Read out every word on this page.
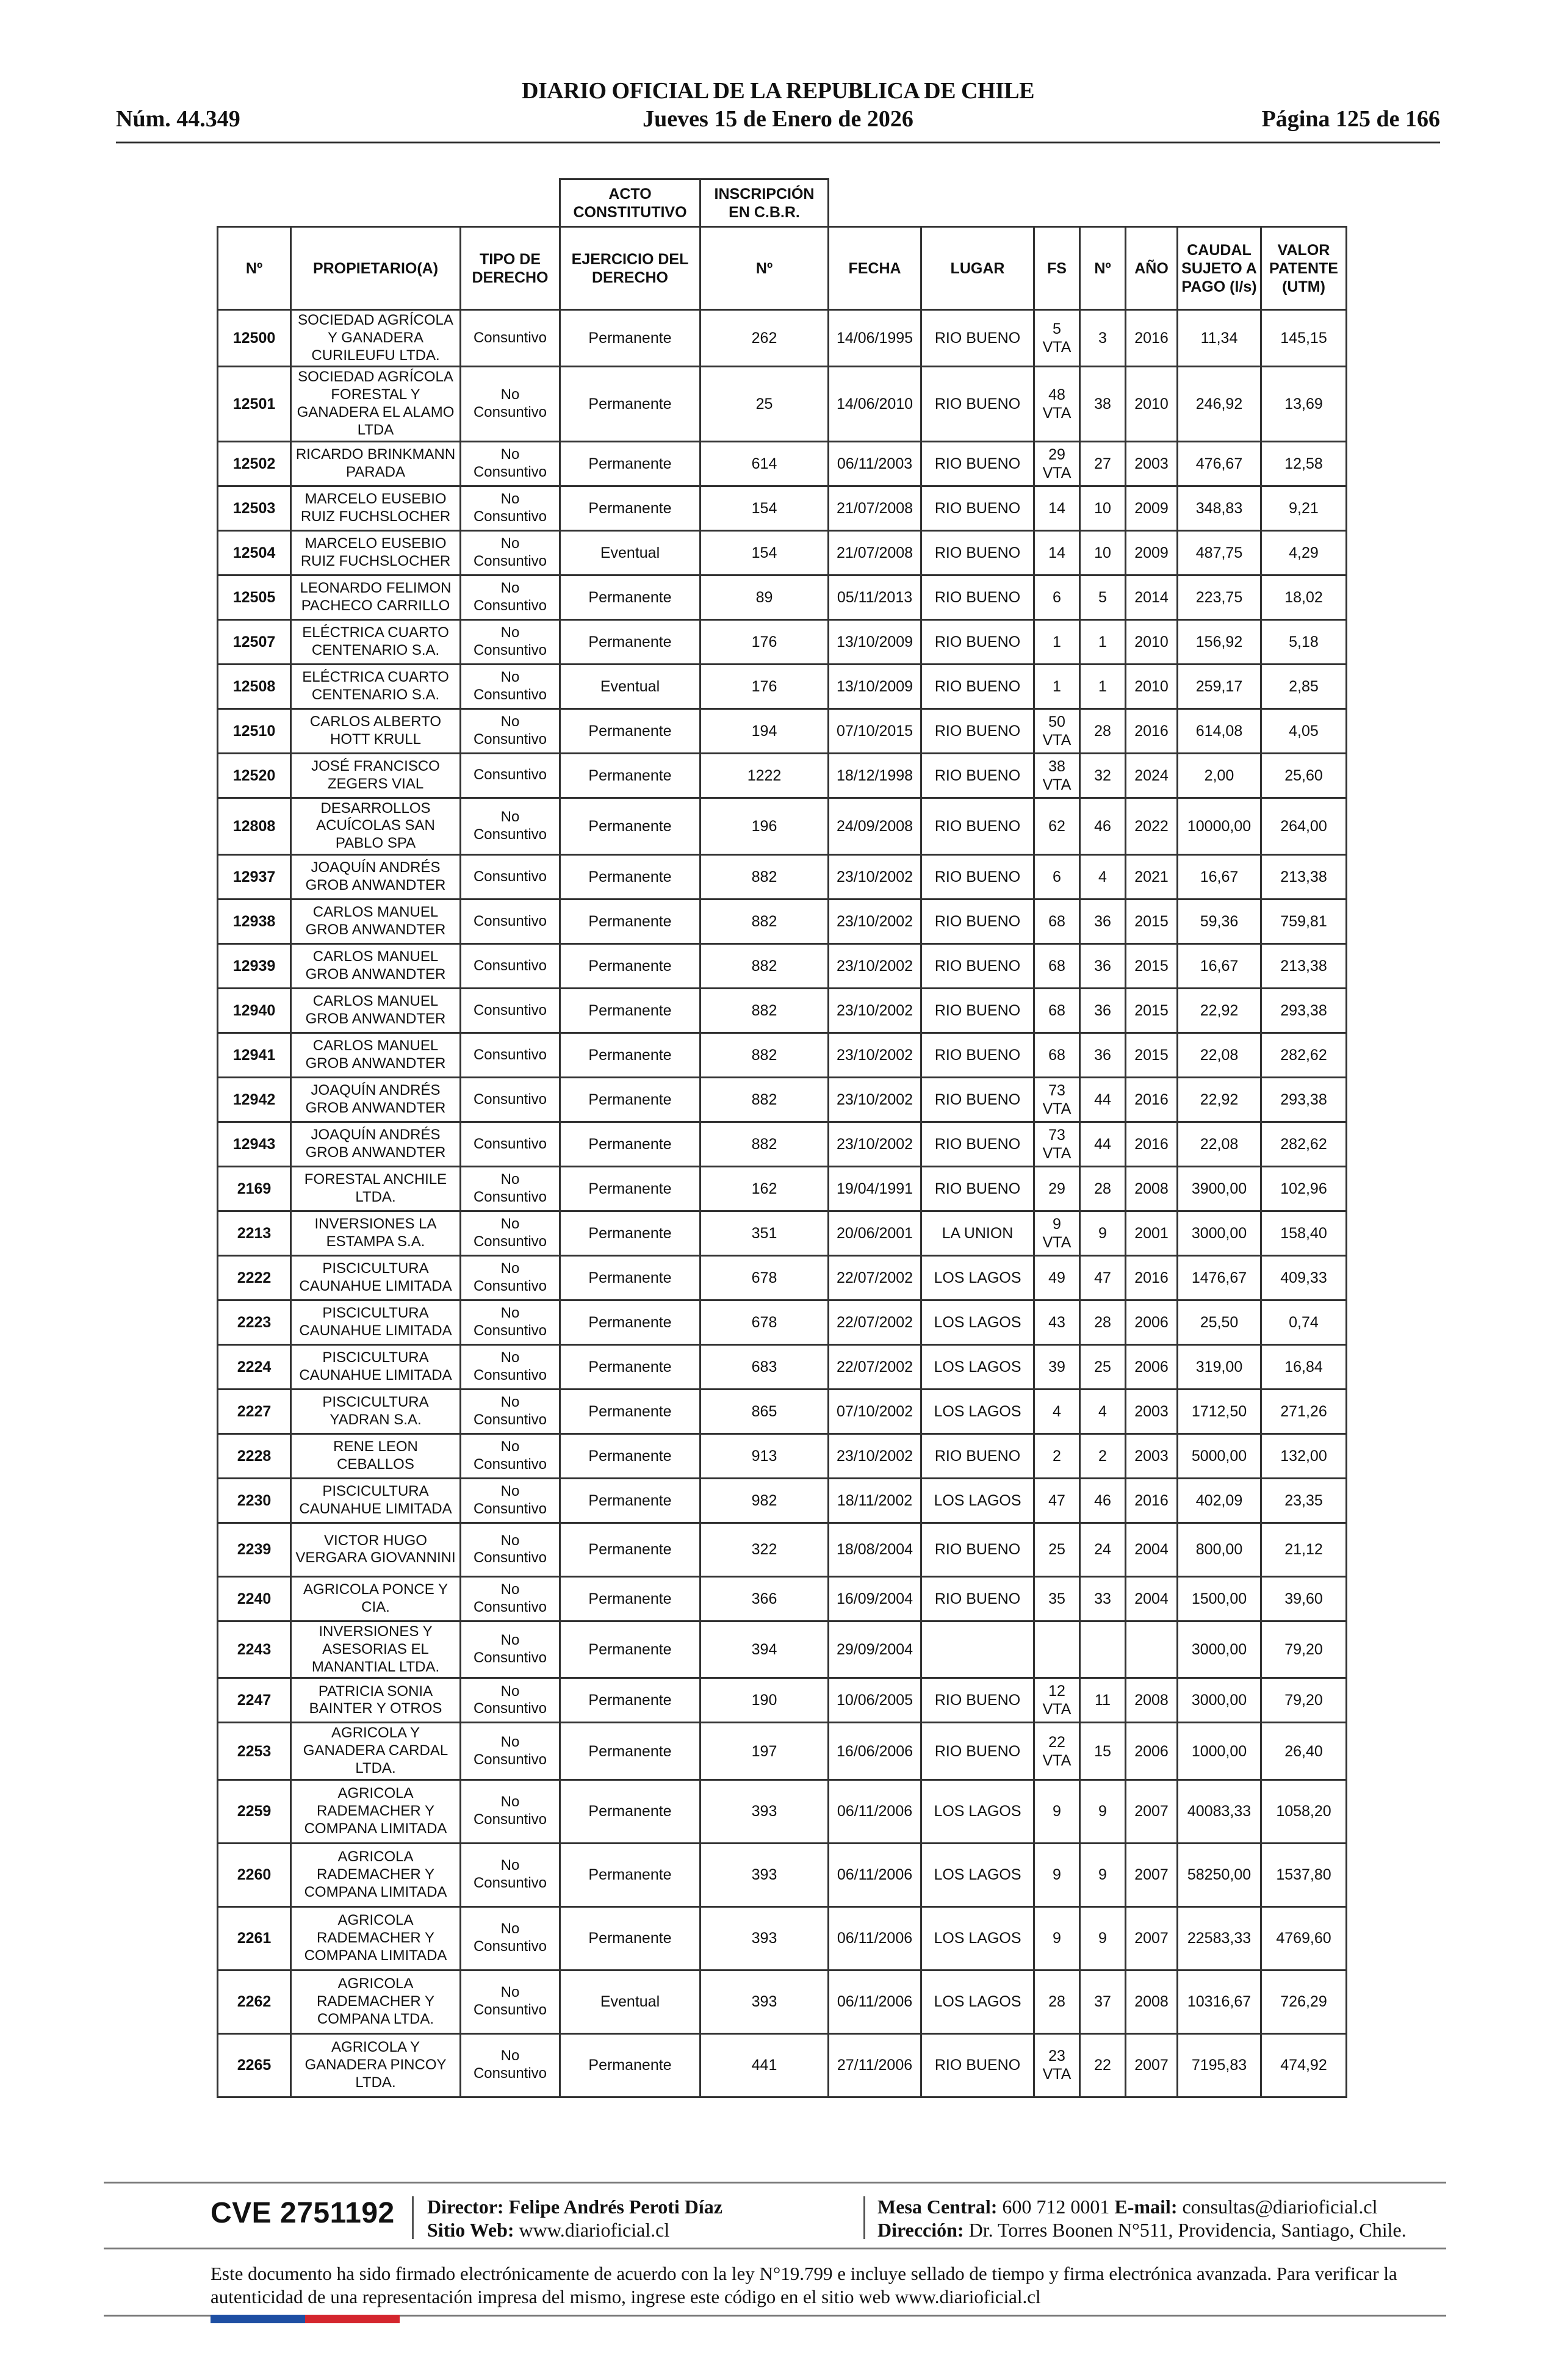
DIARIO OFICIAL DE LA REPUBLICA DE CHILE
Núm. 44.349	Jueves 15 de Enero de 2026	Página 125 de 166
			ACTO CONSTITUTIVO	INSCRIPCIÓN EN C.B.R.							
Nº	PROPIETARIO(A)	TIPO DE DERECHO	EJERCICIO DEL DERECHO	Nº	FECHA	LUGAR	FS	Nº	AÑO	CAUDAL SUJETO A PAGO (l/s)	VALOR PATENTE (UTM)
12500	SOCIEDAD AGRÍCOLA Y GANADERA CURILEUFU LTDA.	Consuntivo	Permanente	262	14/06/1995	RIO BUENO	5 VTA	3	2016	11,34	145,15
12501	SOCIEDAD AGRÍCOLA FORESTAL Y GANADERA EL ALAMO LTDA	No Consuntivo	Permanente	25	14/06/2010	RIO BUENO	48 VTA	38	2010	246,92	13,69
12502	RICARDO BRINKMANN PARADA	No Consuntivo	Permanente	614	06/11/2003	RIO BUENO	29 VTA	27	2003	476,67	12,58
12503	MARCELO EUSEBIO RUIZ FUCHSLOCHER	No Consuntivo	Permanente	154	21/07/2008	RIO BUENO	14	10	2009	348,83	9,21
12504	MARCELO EUSEBIO RUIZ FUCHSLOCHER	No Consuntivo	Eventual	154	21/07/2008	RIO BUENO	14	10	2009	487,75	4,29
12505	LEONARDO FELIMON PACHECO CARRILLO	No Consuntivo	Permanente	89	05/11/2013	RIO BUENO	6	5	2014	223,75	18,02
12507	ELÉCTRICA CUARTO CENTENARIO S.A.	No Consuntivo	Permanente	176	13/10/2009	RIO BUENO	1	1	2010	156,92	5,18
12508	ELÉCTRICA CUARTO CENTENARIO S.A.	No Consuntivo	Eventual	176	13/10/2009	RIO BUENO	1	1	2010	259,17	2,85
12510	CARLOS ALBERTO HOTT KRULL	No Consuntivo	Permanente	194	07/10/2015	RIO BUENO	50 VTA	28	2016	614,08	4,05
12520	JOSÉ FRANCISCO ZEGERS VIAL	Consuntivo	Permanente	1222	18/12/1998	RIO BUENO	38 VTA	32	2024	2,00	25,60
12808	DESARROLLOS ACUÍCOLAS SAN PABLO SPA	No Consuntivo	Permanente	196	24/09/2008	RIO BUENO	62	46	2022	10000,00	264,00
12937	JOAQUÍN ANDRÉS GROB ANWANDTER	Consuntivo	Permanente	882	23/10/2002	RIO BUENO	6	4	2021	16,67	213,38
12938	CARLOS MANUEL GROB ANWANDTER	Consuntivo	Permanente	882	23/10/2002	RIO BUENO	68	36	2015	59,36	759,81
12939	CARLOS MANUEL GROB ANWANDTER	Consuntivo	Permanente	882	23/10/2002	RIO BUENO	68	36	2015	16,67	213,38
12940	CARLOS MANUEL GROB ANWANDTER	Consuntivo	Permanente	882	23/10/2002	RIO BUENO	68	36	2015	22,92	293,38
12941	CARLOS MANUEL GROB ANWANDTER	Consuntivo	Permanente	882	23/10/2002	RIO BUENO	68	36	2015	22,08	282,62
12942	JOAQUÍN ANDRÉS GROB ANWANDTER	Consuntivo	Permanente	882	23/10/2002	RIO BUENO	73 VTA	44	2016	22,92	293,38
12943	JOAQUÍN ANDRÉS GROB ANWANDTER	Consuntivo	Permanente	882	23/10/2002	RIO BUENO	73 VTA	44	2016	22,08	282,62
2169	FORESTAL ANCHILE LTDA.	No Consuntivo	Permanente	162	19/04/1991	RIO BUENO	29	28	2008	3900,00	102,96
2213	INVERSIONES LA ESTAMPA S.A.	No Consuntivo	Permanente	351	20/06/2001	LA UNION	9 VTA	9	2001	3000,00	158,40
2222	PISCICULTURA CAUNAHUE LIMITADA	No Consuntivo	Permanente	678	22/07/2002	LOS LAGOS	49	47	2016	1476,67	409,33
2223	PISCICULTURA CAUNAHUE LIMITADA	No Consuntivo	Permanente	678	22/07/2002	LOS LAGOS	43	28	2006	25,50	0,74
2224	PISCICULTURA CAUNAHUE LIMITADA	No Consuntivo	Permanente	683	22/07/2002	LOS LAGOS	39	25	2006	319,00	16,84
2227	PISCICULTURA YADRAN S.A.	No Consuntivo	Permanente	865	07/10/2002	LOS LAGOS	4	4	2003	1712,50	271,26
2228	RENE LEON CEBALLOS	No Consuntivo	Permanente	913	23/10/2002	RIO BUENO	2	2	2003	5000,00	132,00
2230	PISCICULTURA CAUNAHUE LIMITADA	No Consuntivo	Permanente	982	18/11/2002	LOS LAGOS	47	46	2016	402,09	23,35
2239	VICTOR HUGO VERGARA GIOVANNINI	No Consuntivo	Permanente	322	18/08/2004	RIO BUENO	25	24	2004	800,00	21,12
2240	AGRICOLA PONCE Y CIA.	No Consuntivo	Permanente	366	16/09/2004	RIO BUENO	35	33	2004	1500,00	39,60
2243	INVERSIONES Y ASESORIAS EL MANANTIAL LTDA.	No Consuntivo	Permanente	394	29/09/2004					3000,00	79,20
2247	PATRICIA SONIA BAINTER Y OTROS	No Consuntivo	Permanente	190	10/06/2005	RIO BUENO	12 VTA	11	2008	3000,00	79,20
2253	AGRICOLA Y GANADERA CARDAL LTDA.	No Consuntivo	Permanente	197	16/06/2006	RIO BUENO	22 VTA	15	2006	1000,00	26,40
2259	AGRICOLA RADEMACHER Y COMPANA LIMITADA	No Consuntivo	Permanente	393	06/11/2006	LOS LAGOS	9	9	2007	40083,33	1058,20
2260	AGRICOLA RADEMACHER Y COMPANA LIMITADA	No Consuntivo	Permanente	393	06/11/2006	LOS LAGOS	9	9	2007	58250,00	1537,80
2261	AGRICOLA RADEMACHER Y COMPANA LIMITADA	No Consuntivo	Permanente	393	06/11/2006	LOS LAGOS	9	9	2007	22583,33	4769,60
2262	AGRICOLA RADEMACHER Y COMPANA LTDA.	No Consuntivo	Eventual	393	06/11/2006	LOS LAGOS	28	37	2008	10316,67	726,29
2265	AGRICOLA Y GANADERA PINCOY LTDA.	No Consuntivo	Permanente	441	27/11/2006	RIO BUENO	23 VTA	22	2007	7195,83	474,92
CVE 2751192 Director: Felipe Andrés Peroti Díaz
Sitio Web: www.diarioficial.cl
Mesa Central: 600 712 0001 E-mail: consultas@diarioficial.cl
Dirección: Dr. Torres Boonen N°511, Providencia, Santiago, Chile.
Este documento ha sido firmado electrónicamente de acuerdo con la ley N°19.799 e incluye sellado de tiempo y firma electrónica avanzada. Para verificar la autenticidad de una representación impresa del mismo, ingrese este código en el sitio web www.diarioficial.cl
